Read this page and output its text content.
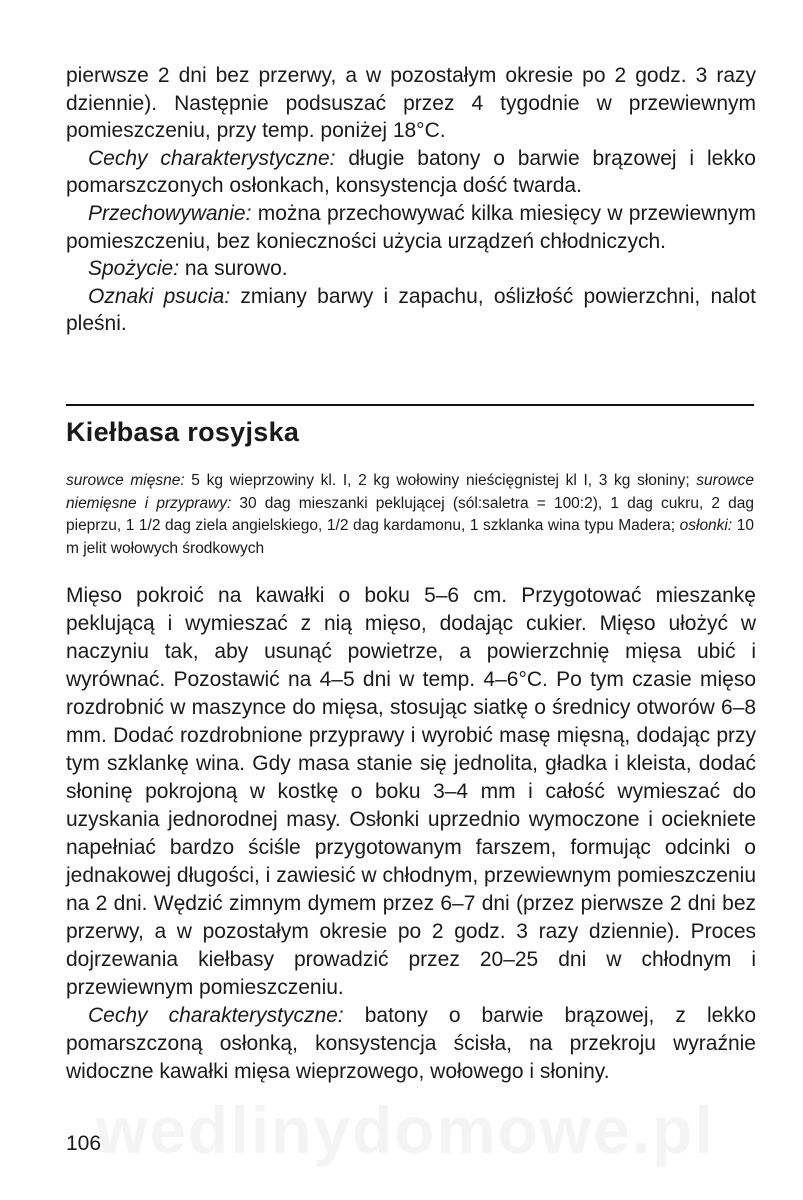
pierwsze 2 dni bez przerwy, a w pozostałym okresie po 2 godz. 3 razy dziennie). Następnie podsuszać przez 4 tygodnie w przewiewnym pomieszczeniu, przy temp. poniżej 18°C.

Cechy charakterystyczne: długie batony o barwie brązowej i lekko pomarszczonych osłonkach, konsystencja dość twarda.

Przechowywanie: można przechowywać kilka miesięcy w przewiewnym pomieszczeniu, bez konieczności użycia urządzeń chłodniczych.

Spożycie: na surowo.

Oznaki psucia: zmiany barwy i zapachu, oślizłość powierzchni, nalot pleśni.

Kiełbasa rosyjska

surowce mięsne: 5 kg wieprzowiny kl. I, 2 kg wołowiny nieścięgnistej kl I, 3 kg słoniny; surowce niemięsne i przyprawy: 30 dag mieszanki peklującej (sól:saletra = 100:2), 1 dag cukru, 2 dag pieprzu, 1 1/2 dag ziela angielskiego, 1/2 dag kardamonu, 1 szklanka wina typu Madera; osłonki: 10 m jelit wołowych środkowych

Mięso pokroić na kawałki o boku 5–6 cm. Przygotować mieszankę peklującą i wymieszać z nią mięso, dodając cukier. Mięso ułożyć w naczyniu tak, aby usunąć powietrze, a powierzchnię mięsa ubić i wyrównać. Pozostawić na 4–5 dni w temp. 4–6°C. Po tym czasie mięso rozdrobnić w maszynce do mięsa, stosując siatkę o średnicy otworów 6–8 mm. Dodać rozdrobnione przyprawy i wyrobić masę mięsną, dodając przy tym szklankę wina. Gdy masa stanie się jednolita, gładka i kleista, dodać słoninę pokrojoną w kostkę o boku 3–4 mm i całość wymieszać do uzyskania jednorodnej masy. Osłonki uprzednio wymoczone i ociekniete napełniać bardzo ściśle przygotowanym farszem, formując odcinki o jednakowej długości, i zawiesić w chłodnym, przewiewnym pomieszczeniu na 2 dni. Wędzić zimnym dymem przez 6–7 dni (przez pierwsze 2 dni bez przerwy, a w pozostałym okresie po 2 godz. 3 razy dziennie). Proces dojrzewania kiełbasy prowadzić przez 20–25 dni w chłodnym i przewiewnym pomieszczeniu.

Cechy charakterystyczne: batony o barwie brązowej, z lekko pomarszczoną osłonką, konsystencja ścisła, na przekroju wyraźnie widoczne kawałki mięsa wieprzowego, wołowego i słoniny.

106
